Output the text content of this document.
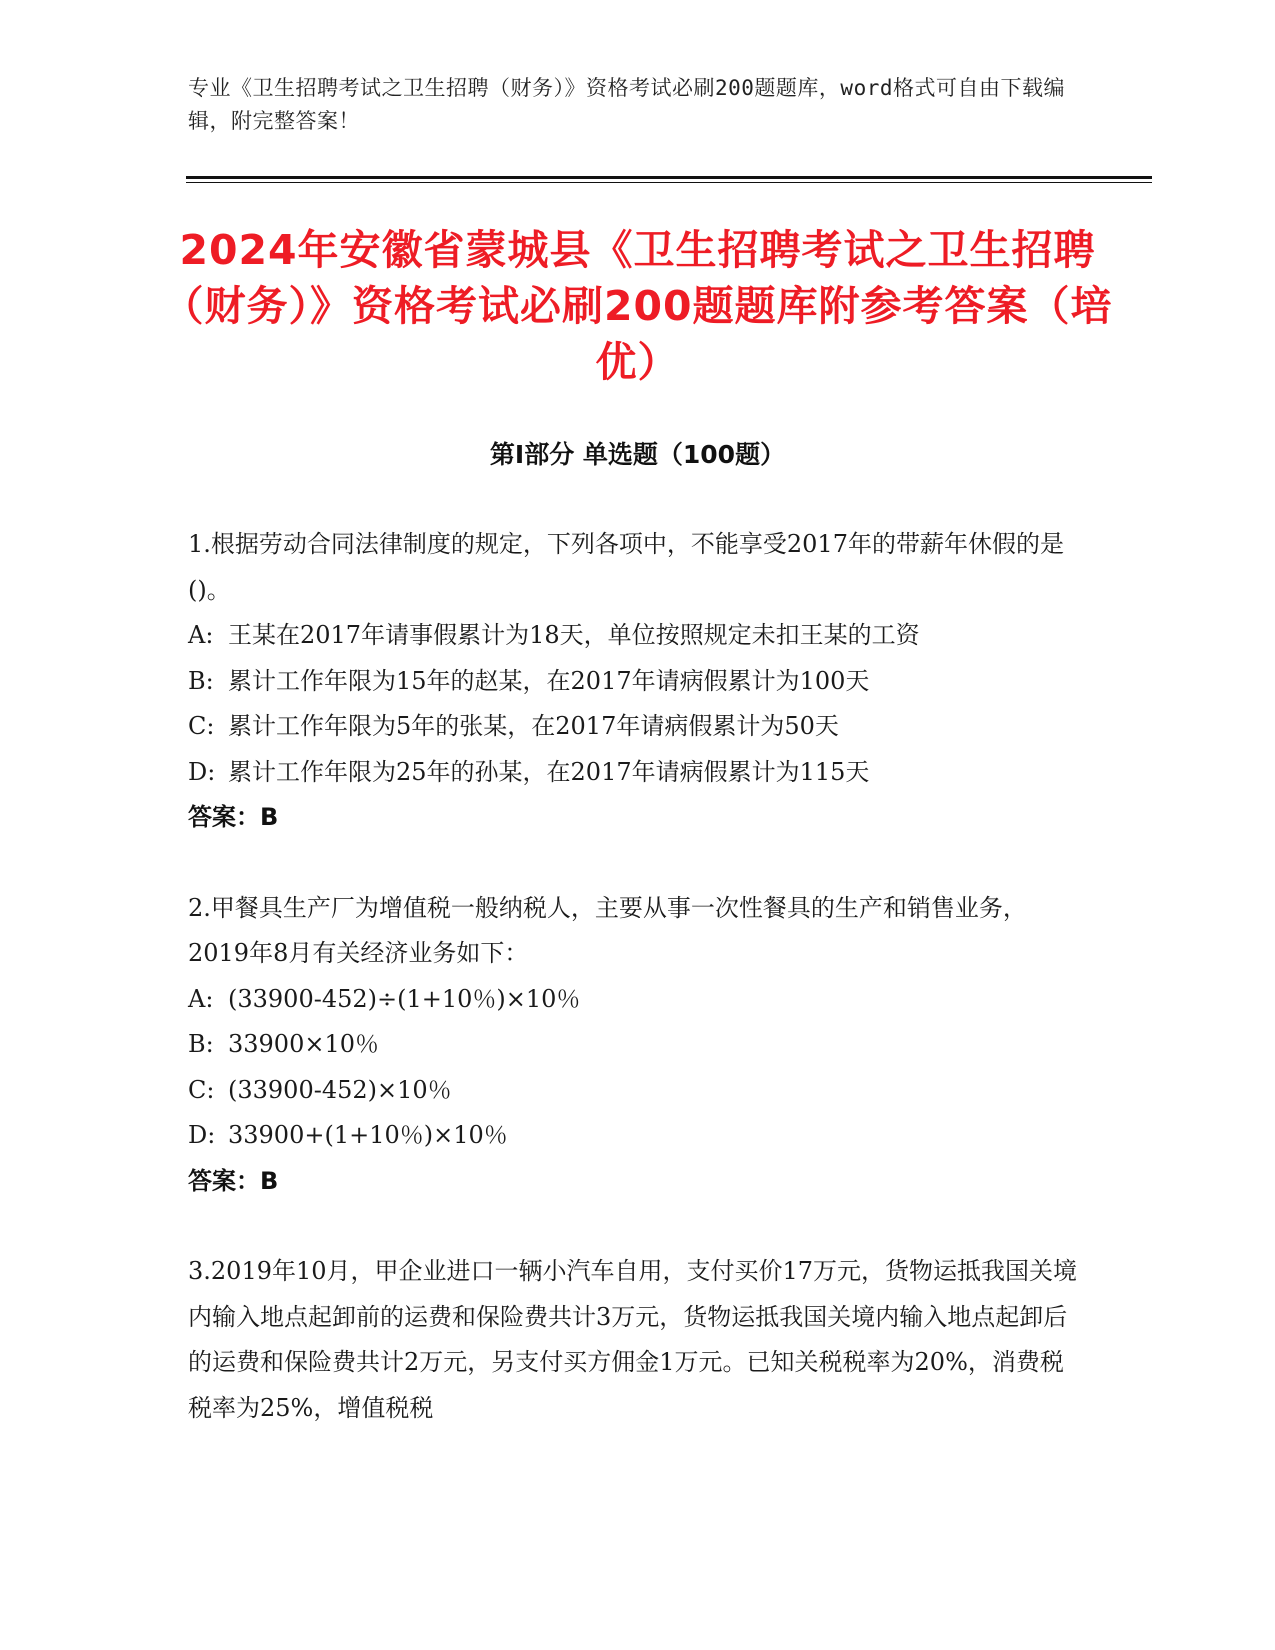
专业《卫生招聘考试之卫生招聘（财务）》资格考试必刷200题题库，word格式可自由下载编辑，附完整答案！
2024年安徽省蒙城县《卫生招聘考试之卫生招聘（财务）》资格考试必刷200题题库附参考答案（培优）
第Ⅰ部分 单选题（100题）

1.根据劳动合同法律制度的规定，下列各项中，不能享受2017年的带薪年休假的是()。

A: 王某在2017年请事假累计为18天，单位按照规定未扣王某的工资

B: 累计工作年限为15年的赵某，在2017年请病假累计为100天

C: 累计工作年限为5年的张某，在2017年请病假累计为50天

D: 累计工作年限为25年的孙某，在2017年请病假累计为115天

答案：B

2.甲餐具生产厂为增值税一般纳税人，主要从事一次性餐具的生产和销售业务，2019年8月有关经济业务如下：

A: (33900-452)÷(1+10％)×10％

B: 33900×10％

C: (33900-452)×10％

D: 33900+(1+10％)×10％

答案：B

3.2019年10月，甲企业进口一辆小汽车自用，支付买价17万元，货物运抵我国关境内输入地点起卸前的运费和保险费共计3万元，货物运抵我国关境内输入地点起卸后的运费和保险费共计2万元，另支付买方佣金1万元。已知关税税率为20%，消费税税率为25%，增值税税
